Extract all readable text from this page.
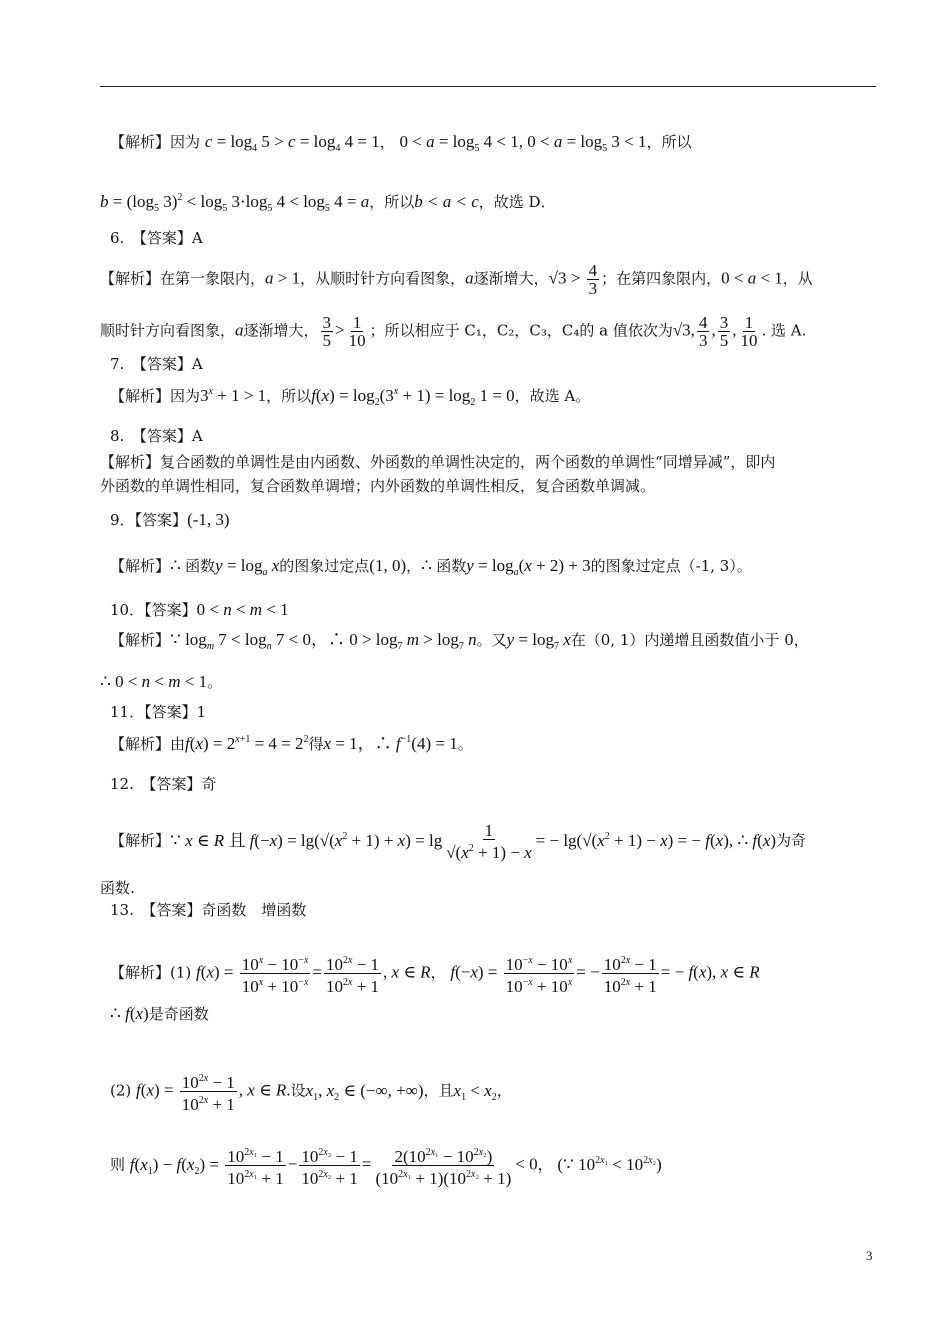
【解析】因为 $c = \log_4 5 > c = \log_4 4 = 1$， $0 < a = \log_5 4 < 1$, $0 < a = \log_5 3 < 1$，所以
$b = (\log_5$ $3)^2 < \log_5 3\cdot\log_5$ $4 < \log_5 4 = a$，所以b < a < c，故选 D．
6.　 【答案】A
【解析】在第一象限内，a > 1，从顺时针方向看图象，a逐渐增大，$√3 > \frac{4}{3}$ ；在第四象限内，0 < a < 1，从
顺时针方向看图象，a逐渐增大， $\frac{3}{5} > \frac{1}{10}$ ；所以相应于 C₁，C₂，C₃，C₄的 a 值依次为√3, $\frac{4}{3}$ , $\frac{3}{5}$ , $\frac{1}{10}$ . 选 A.
7.　 【答案】A
【解析】因为$3^x + 1 > 1$，所以$f(x) = \log_2(3^x + 1) = \log_2 1 = 0$，故选 A。
8.　 【答案】A
【解析】复合函数的单调性是由内函数、外函数的单调性决定的，两个函数的单调性“同增异减”，即内
外函数的单调性相同，复合函数单调增；内外函数的单调性相反，复合函数单调减。
9．【答案】(-1, 3)
【解析】∴ 函数$y = \log_a x$的图象过定点(1, 0)，∴ 函数$y = \log_a(x + 2) + 3$的图象过定点（-1, 3）。
10．【答案】0 < n < m < 1
【解析】∵ $\log_m 7 < \log_n 7 < 0$，∴ $0 > \log_7 m > \log_7 n$。又$y = \log_7 x$在（0, 1）内递增且函数值小于 0，
∴ 0 < n < m < 1。
11．【答案】1
【解析】由$f(x) = 2^{x+1} = 4 = 2^2$得x = 1，∴ $f^{-1}(4) = 1$。
12.　 【答案】奇
【解析】∵ x ∈ R 且 $f(-x) = \lg(√(x^2 + 1) + x) = \lg \frac{1}{√(x^2 + 1) - x}$ = − $\lg(√(x^2 + 1) - x)$ = − f(x), ∴ f(x)为奇
函数.
13.　 【答案】奇函数　增函数
【解析】(1) $f(x) = \frac{10^x - 10^{-x}}{10^x + 10^{-x}} = \frac{10^{2x} - 1}{10^{2x} + 1}$ , x ∈ R， $f(-x) = \frac{10^{-x} - 10^x}{10^{-x} + 10^x}$ = − $\frac{10^{2x} - 1}{10^{2x} + 1}$ = − f(x), x ∈ R
∴ f(x)是奇函数
(2) $f(x) = \frac{10^{2x} - 1}{10^{2x} + 1}$ , x ∈ R.设$x_1$, $x_2$ ∈ (−∞, +∞)，且$x_1 < x_2$，
则 $f(x_1) - f(x_2) = \frac{10^{2x_1} - 1}{10^{2x_1} + 1} - \frac{10^{2x_2} - 1}{10^{2x_2} + 1} = \frac{2(10^{2x_1} - 10^{2x_2})}{(10^{2x_1} + 1)(10^{2x_2} + 1)} < 0$， (∵ $10^{2x_1} < 10^{2x_2}$)
3
